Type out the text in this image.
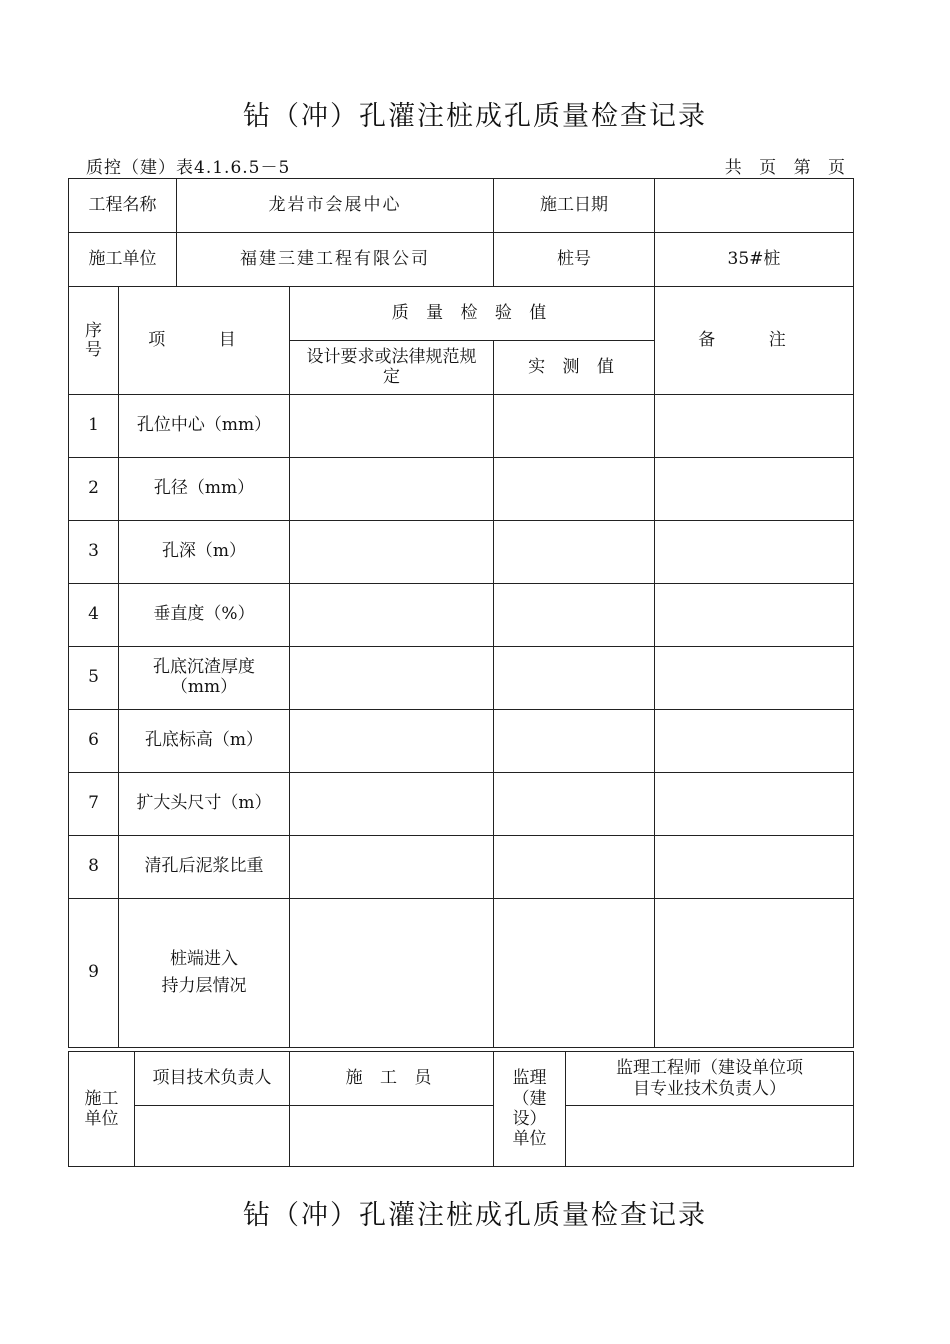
钻（冲）孔灌注桩成孔质量检查记录
质控（建）表4.1.6.5－5	共 页 第 页
工程名称		龙岩市会展中心		施工日期	
施工单位		福建三建工程有限公司		桩号	35#桩

序号	项 目		质 量 检 验 值		备 注

			设计要求或法律规范规定	实 测 值	
1	孔位中心（mm）				
2	孔径（mm）				
3	孔深（m）				
4	垂直度（%）				
5	孔底沉渣厚度（mm）				

6	孔底标高（m）				
7	扩大头尺寸（m）				
8	清孔后泥浆比重				
9	桩端进入
持力层情况				

施工单位	项目技术负责人	施 工 员	监理（建设）单位	监理工程师（建设单位项目专业技术负责人）

钻（冲）孔灌注桩成孔质量检查记录
